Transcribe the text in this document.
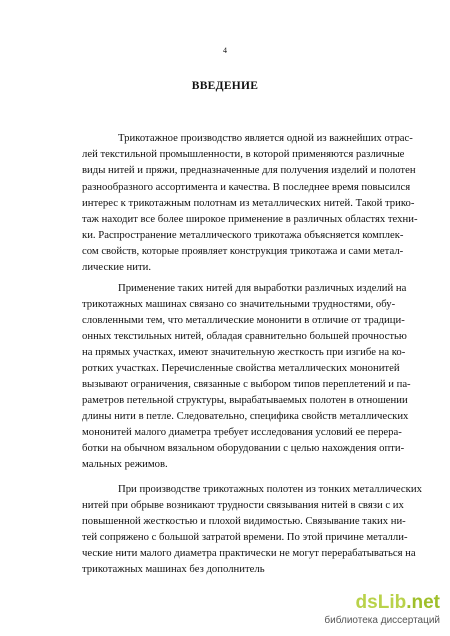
4
ВВЕДЕНИЕ
Трикотажное производство является одной из важнейших отрас-
лей текстильной промышленности, в которой применяются различные
виды нитей и пряжи, предназначенные для получения изделий и полотен
разнообразного ассортимента и качества. В последнее время повысился
интерес к трикотажным полотнам из металлических нитей. Такой трико-
таж находит все более широкое применение в различных областях техни-
ки. Распространение металлического трикотажа объясняется комплек-
сом свойств, которые проявляет конструкция трикотажа и сами метал-
лические нити.
Применение таких нитей для выработки различных изделий на
трикотажных машинах связано со значительными трудностями, обу-
словленными тем, что металлические мононити в отличие от традици-
онных текстильных нитей, обладая сравнительно большей прочностью
на прямых участках, имеют значительную жесткость при изгибе на ко-
ротких участках. Перечисленные свойства металлических мононитей
вызывают ограничения, связанные с выбором типов переплетений и па-
раметров петельной структуры, вырабатываемых полотен в отношении
длины нити в петле. Следовательно, специфика свойств металлических
мононитей малого диаметра требует исследования условий ее перера-
ботки на обычном вязальном оборудовании с целью нахождения опти-
мальных режимов.
При производстве трикотажных полотен из тонких металлических
нитей при обрыве возникают трудности связывания нитей в связи с их
повышенной жесткостью и плохой видимостью. Связывание таких ни-
тей сопряжено с большой затратой времени. По этой причине металли-
ческие нити малого диаметра практически не могут перерабатываться на
трикотажных машинах без дополнитель
dsLib.net
библиотека диссертаций
